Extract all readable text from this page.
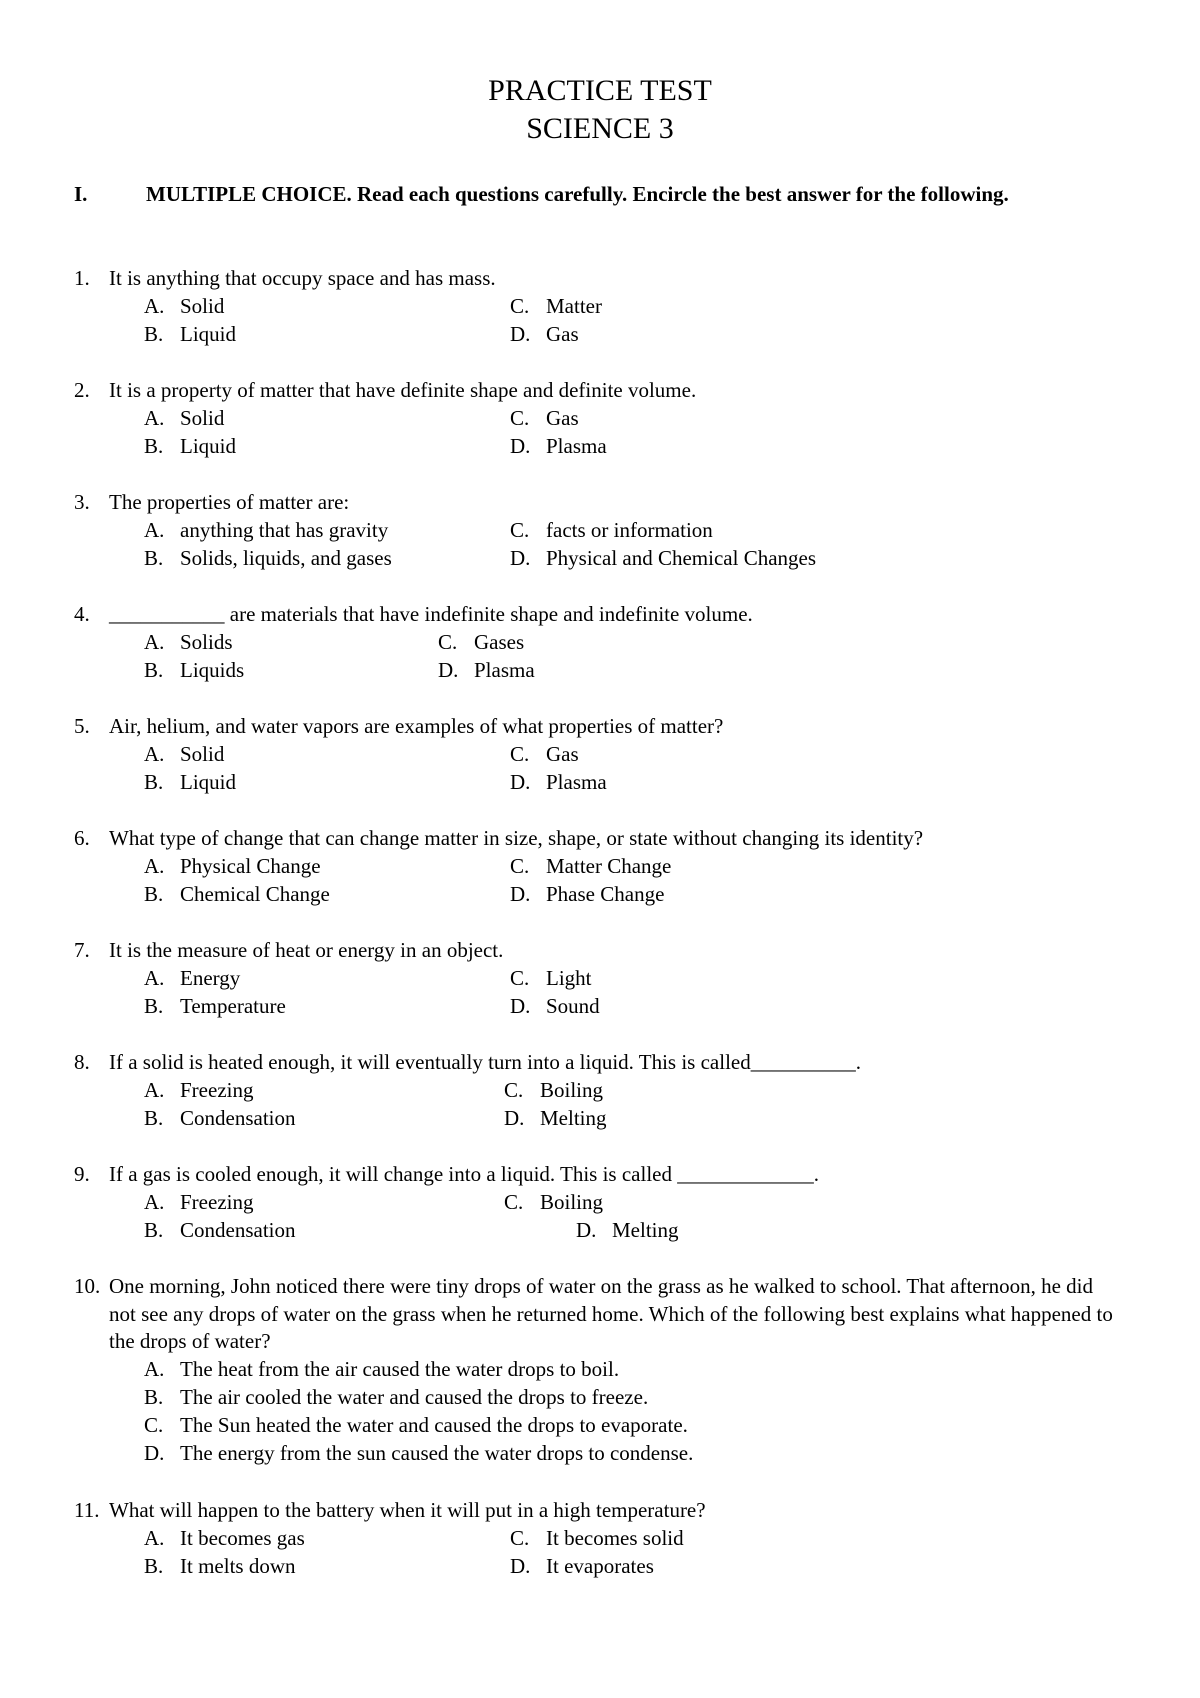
PRACTICE TEST
SCIENCE 3
I.	MULTIPLE CHOICE. Read each questions carefully. Encircle the best answer for the following.
1. It is anything that occupy space and has mass.
A. Solid
B. Liquid
C. Matter
D. Gas
2. It is a property of matter that have definite shape and definite volume.
A. Solid
B. Liquid
C. Gas
D. Plasma
3. The properties of matter are:
A. anything that has gravity
B. Solids, liquids, and gases
C. facts or information
D. Physical and Chemical Changes
4. ___________ are materials that have indefinite shape and indefinite volume.
A. Solids
B. Liquids
C. Gases
D. Plasma
5. Air, helium, and water vapors are examples of what properties of matter?
A. Solid
B. Liquid
C. Gas
D. Plasma
6. What type of change that can change matter in size, shape, or state without changing its identity?
A. Physical Change
B. Chemical Change
C. Matter Change
D. Phase Change
7. It is the measure of heat or energy in an object.
A. Energy
B. Temperature
C. Light
D. Sound
8. If a solid is heated enough, it will eventually turn into a liquid. This is called__________.
A. Freezing
B. Condensation
C. Boiling
D. Melting
9. If a gas is cooled enough, it will change into a liquid. This is called _____________.
A. Freezing
B. Condensation
C. Boiling
D. Melting
10. One morning, John noticed there were tiny drops of water on the grass as he walked to school. That afternoon, he did not see any drops of water on the grass when he returned home. Which of the following best explains what happened to the drops of water?
A. The heat from the air caused the water drops to boil.
B. The air cooled the water and caused the drops to freeze.
C. The Sun heated the water and caused the drops to evaporate.
D. The energy from the sun caused the water drops to condense.
11. What will happen to the battery when it will put in a high temperature?
A. It becomes gas
B. It melts down
C. It becomes solid
D. It evaporates
